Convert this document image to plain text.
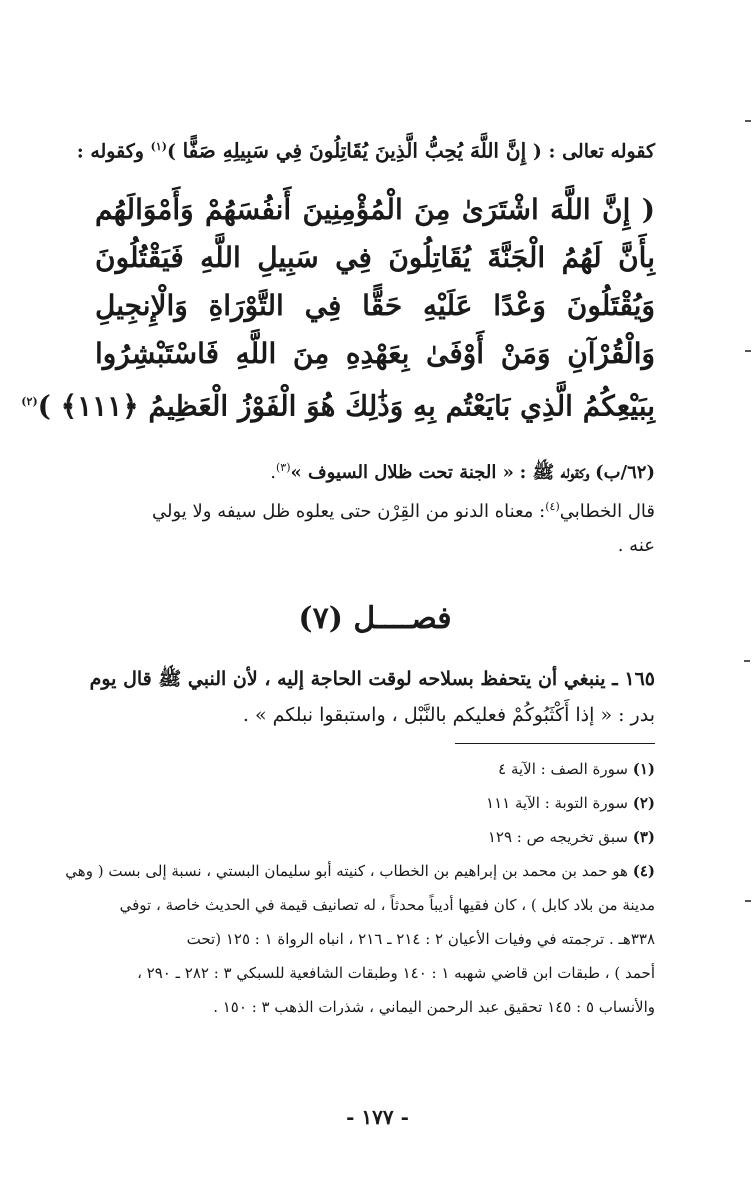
كقوله تعالى : ( إِنَّ اللَّهَ يُحِبُّ الَّذِينَ يُقَاتِلُونَ فِي سَبِيلِهِ صَفًّا )$^{(١)}$ وكقوله :
( إِنَّ اللَّهَ اشْتَرَىٰ مِنَ الْمُؤْمِنِينَ أَنفُسَهُمْ وَأَمْوَالَهُم
بِأَنَّ لَهُمُ الْجَنَّةَ يُقَاتِلُونَ فِي سَبِيلِ اللَّهِ فَيَقْتُلُونَ
وَيُقْتَلُونَ وَعْدًا عَلَيْهِ حَقًّا فِي التَّوْرَاةِ وَالْإِنجِيلِ
وَالْقُرْآنِ وَمَنْ أَوْفَىٰ بِعَهْدِهِ مِنَ اللَّهِ فَاسْتَبْشِرُوا
بِبَيْعِكُمُ الَّذِي بَايَعْتُم بِهِ وَذَٰلِكَ هُوَ الْفَوْزُ الْعَظِيمُ ﴿١١١﴾ )$^{(٢)}$
(٦٢/ب) وكقوله ﷺ : « الجنة تحت ظلال السيوف »$^{(٣)}$.
قال الخطابي$^{(٤)}$: معناه الدنو من القِرْن حتى يعلوه ظل سيفه ولا يولي
عنه .
فصــــل (٧)
١٦٥ ـ ينبغي أن يتحفظ بسلاحه لوقت الحاجة إليه ، لأن النبي ﷺ قال يوم
بدر : « إذا أَكْثَبُوكُمْ فعليكم بالنَّبْل ، واستبقوا نبلكم » .
(١) سورة الصف : الآية ٤
(٢) سورة التوبة : الآية ١١١
(٣) سبق تخريجه ص : ١٢٩
(٤) هو حمد بن محمد بن إبراهيم بن الخطاب ، كنيته أبو سليمان البستي ، نسبة إلى بست ( وهي
مدينة من بلاد كابل ) ، كان فقيها أديباً محدثاً ، له تصانيف قيمة في الحديث خاصة ، توفي
٣٣٨هـ . ترجمته في وفيات الأعيان ٢ : ٢١٤ ـ ٢١٦ ، انباه الرواة ١ : ١٢٥ (تحت
أحمد ) ، طبقات ابن قاضي شهبه ١ : ١٤٠ وطبقات الشافعية للسبكي ٣ : ٢٨٢ ـ ٢٩٠ ،
والأنساب ٥ : ١٤٥ تحقيق عبد الرحمن اليماني ، شذرات الذهب ٣ : ١٥٠ .
- ١٧٧ -
